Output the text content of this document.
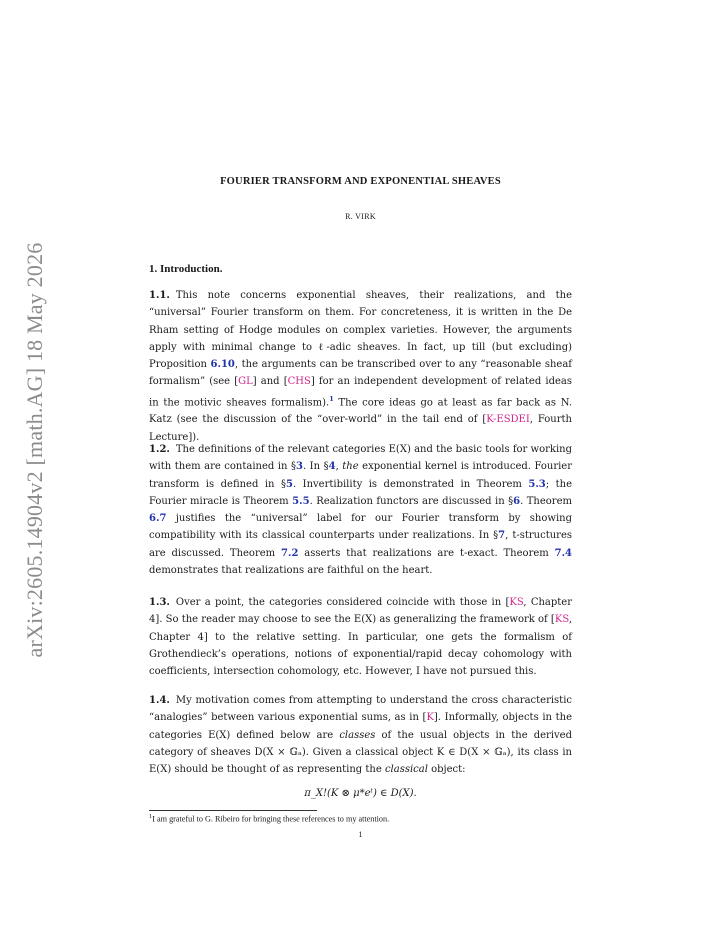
arXiv:2605.14904v2 [math.AG] 18 May 2026
FOURIER TRANSFORM AND EXPONENTIAL SHEAVES
R. VIRK
1. Introduction.

1.1. This note concerns exponential sheaves, their realizations, and the “universal” Fourier transform on them. For concreteness, it is written in the De Rham setting of Hodge modules on complex varieties. However, the arguments apply with minimal change to ℓ-adic sheaves. In fact, up till (but excluding) Proposition 6.10, the arguments can be transcribed over to any “reasonable sheaf formalism” (see [GL] and [CHS] for an independent development of related ideas in the motivic sheaves formalism).$^1$ The core ideas go at least as far back as N. Katz (see the discussion of the “over-world” in the tail end of [K-ESDEI, Fourth Lecture]).

1.2. The definitions of the relevant categories E(X) and the basic tools for working with them are contained in §3. In §4, the exponential kernel is introduced. Fourier transform is defined in §5. Invertibility is demonstrated in Theorem 5.3; the Fourier miracle is Theorem 5.5. Realization functors are discussed in §6. Theorem 6.7 justifies the “universal” label for our Fourier transform by showing compatibility with its classical counterparts under realizations. In §7, t-structures are discussed. Theorem 7.2 asserts that realizations are t-exact. Theorem 7.4 demonstrates that realizations are faithful on the heart.

1.3. Over a point, the categories considered coincide with those in [KS, Chapter 4]. So the reader may choose to see the E(X) as generalizing the framework of [KS, Chapter 4] to the relative setting. In particular, one gets the formalism of Grothendieck’s operations, notions of exponential/rapid decay cohomology with coefficients, intersection cohomology, etc. However, I have not pursued this.

1.4. My motivation comes from attempting to understand the cross characteristic “analogies” between various exponential sums, as in [K]. Informally, objects in the categories E(X) defined below are classes of the usual objects in the derived category of sheaves D(X × 𝔾ₐ). Given a classical object K ∈ D(X × 𝔾ₐ), its class in E(X) should be thought of as representing the classical object:

π_X!(K ⊗ μ*eᵗ) ∈ D(X).
$^1$I am grateful to G. Ribeiro for bringing these references to my attention.
1
